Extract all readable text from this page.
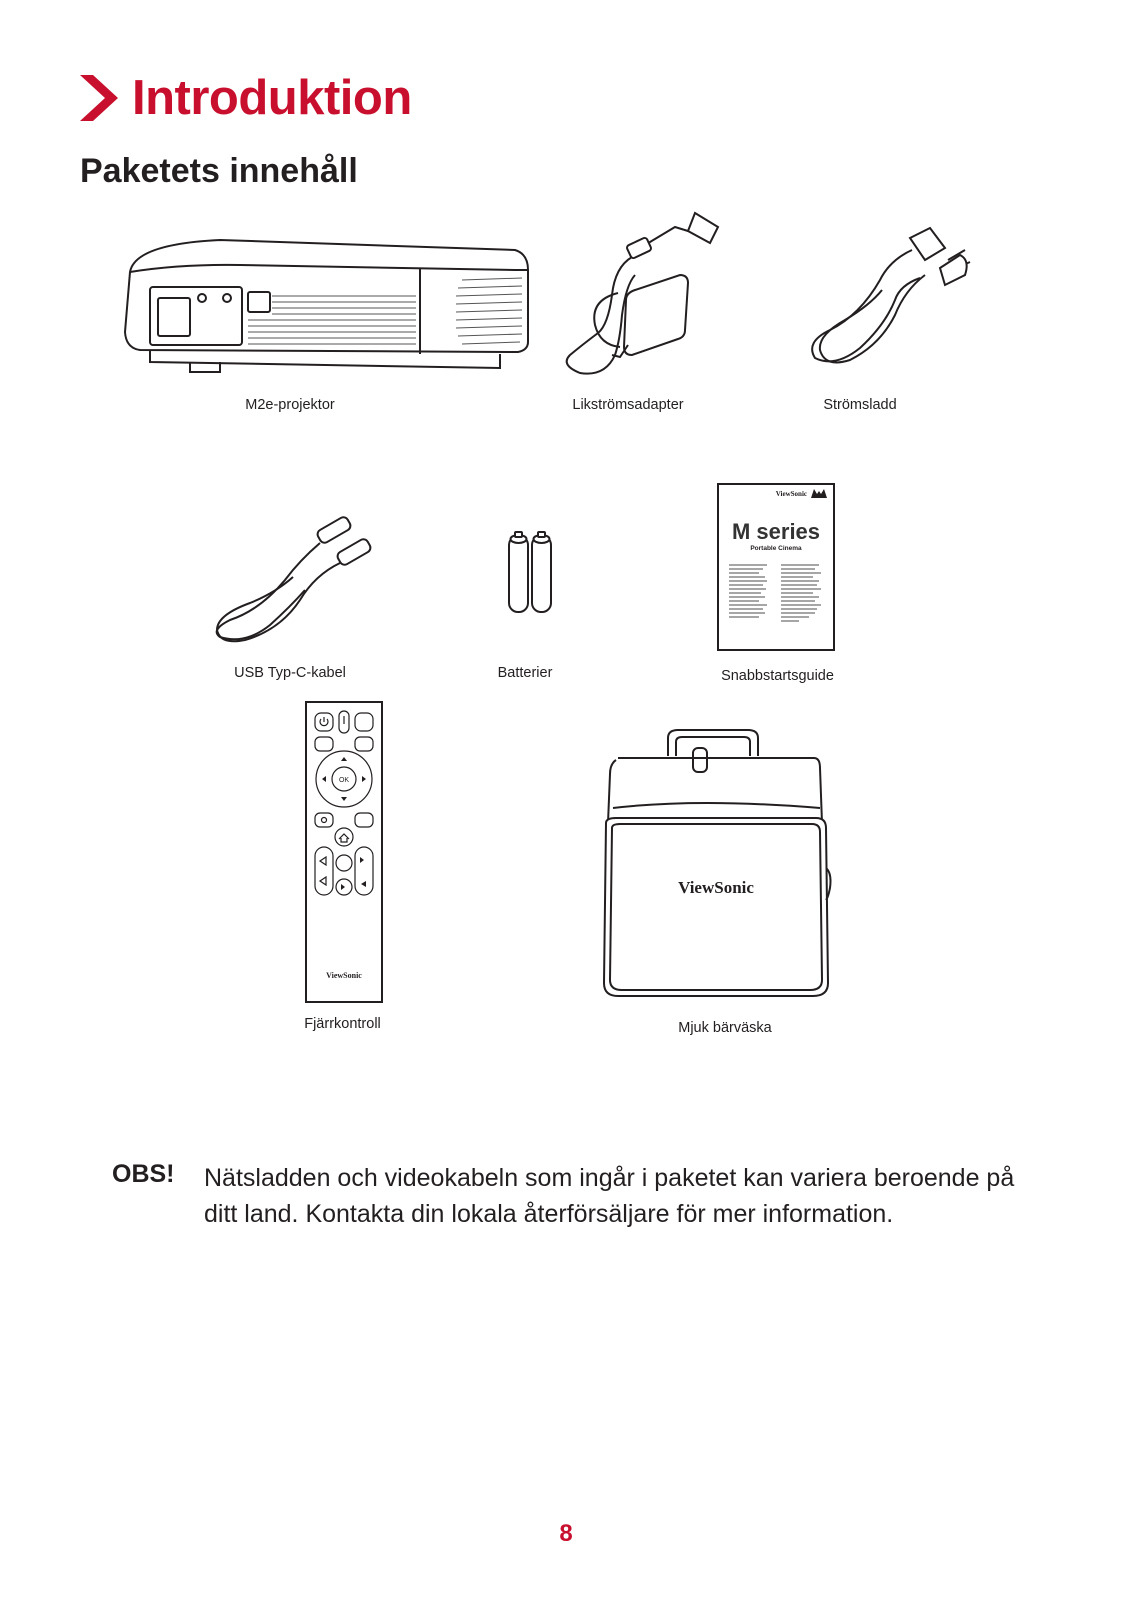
Introduktion
Paketets innehåll
M2e-projektor	Likströmsadapter	Strömsladd
USB Typ-C-kabel	Batterier
ViewSonic
M series
Portable Cinema
Snabbstartsguide
OK
ViewSonic
Fjärrkontroll
ViewSonic
Mjuk bärväska
OBS!	Nätsladden och videokabeln som ingår i paketet kan variera beroende på ditt land. Kontakta din lokala återförsäljare för mer information.
8
